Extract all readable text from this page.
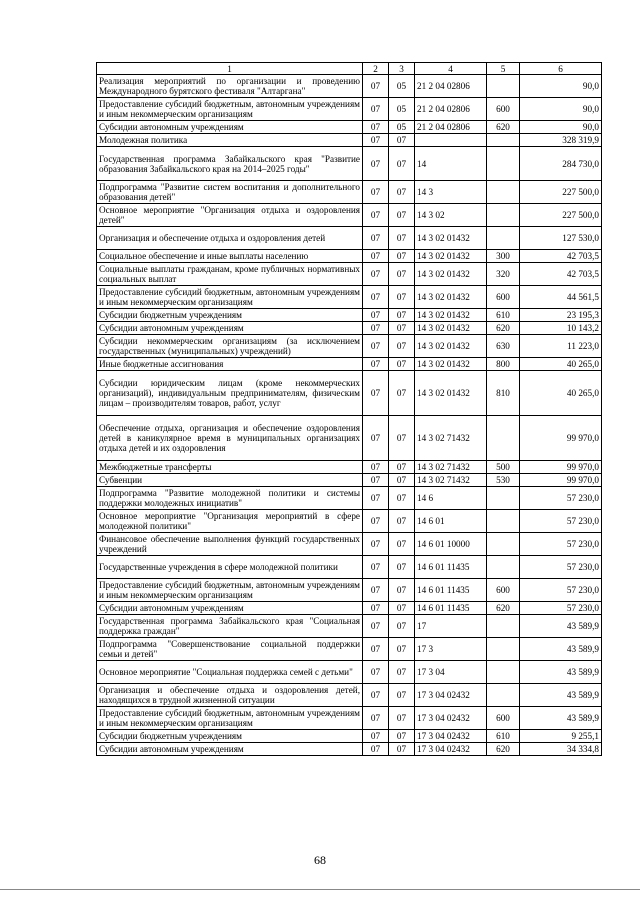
1	2	3	4	5	6
Реализация мероприятий по организации и проведению Международного бурятского фестиваля "Алтаргана"	07	05	21 2 04 02806		90,0
Предоставление субсидий бюджетным, автономным учреждениям и иным некоммерческим организациям	07	05	21 2 04 02806	600	90,0
Субсидии автономным учреждениям	07	05	21 2 04 02806	620	90,0
Молодежная политика	07	07			328 319,9
Государственная программа Забайкальского края "Развитие образования Забайкальского края на 2014–2025 годы"	07	07	14		284 730,0
Подпрограмма "Развитие систем воспитания и дополнительного образования детей"	07	07	14 3		227 500,0
Основное мероприятие "Организация отдыха и оздоровления детей"	07	07	14 3 02		227 500,0
Организация и обеспечение отдыха и оздоровления детей	07	07	14 3 02 01432		127 530,0
Социальное обеспечение и иные выплаты населению	07	07	14 3 02 01432	300	42 703,5
Социальные выплаты гражданам, кроме публичных нормативных социальных выплат	07	07	14 3 02 01432	320	42 703,5
Предоставление субсидий бюджетным, автономным учреждениям и иным некоммерческим организациям	07	07	14 3 02 01432	600	44 561,5
Субсидии бюджетным учреждениям	07	07	14 3 02 01432	610	23 195,3
Субсидии автономным учреждениям	07	07	14 3 02 01432	620	10 143,2
Субсидии некоммерческим организациям (за исключением государственных (муниципальных) учреждений)	07	07	14 3 02 01432	630	11 223,0
Иные бюджетные ассигнования	07	07	14 3 02 01432	800	40 265,0
Субсидии юридическим лицам (кроме некоммерческих организаций), индивидуальным предпринимателям, физическим лицам – производителям товаров, работ, услуг	07	07	14 3 02 01432	810	40 265,0
Обеспечение отдыха, организация и обеспечение оздоровления детей в каникулярное время в муниципальных организациях отдыха детей и их оздоровления	07	07	14 3 02 71432		99 970,0
Межбюджетные трансферты	07	07	14 3 02 71432	500	99 970,0
Субвенции	07	07	14 3 02 71432	530	99 970,0
Подпрограмма "Развитие молодежной политики и системы поддержки молодежных инициатив"	07	07	14 6		57 230,0
Основное мероприятие "Организация мероприятий в сфере молодежной политики"	07	07	14 6 01		57 230,0
Финансовое обеспечение выполнения функций государственных учреждений	07	07	14 6 01 10000		57 230,0
Государственные учреждения в сфере молодежной политики	07	07	14 6 01 11435		57 230,0
Предоставление субсидий бюджетным, автономным учреждениям и иным некоммерческим организациям	07	07	14 6 01 11435	600	57 230,0
Субсидии автономным учреждениям	07	07	14 6 01 11435	620	57 230,0
Государственная программа Забайкальского края "Социальная поддержка граждан"	07	07	17		43 589,9
Подпрограмма "Совершенствование социальной поддержки семьи и детей"	07	07	17 3		43 589,9
Основное мероприятие "Социальная поддержка семей с детьми"	07	07	17 3 04		43 589,9
Организация и обеспечение отдыха и оздоровления детей, находящихся в трудной жизненной ситуации	07	07	17 3 04 02432		43 589,9
Предоставление субсидий бюджетным, автономным учреждениям и иным некоммерческим организациям	07	07	17 3 04 02432	600	43 589,9
Субсидии бюджетным учреждениям	07	07	17 3 04 02432	610	9 255,1
Субсидии автономным учреждениям	07	07	17 3 04 02432	620	34 334,8
68
